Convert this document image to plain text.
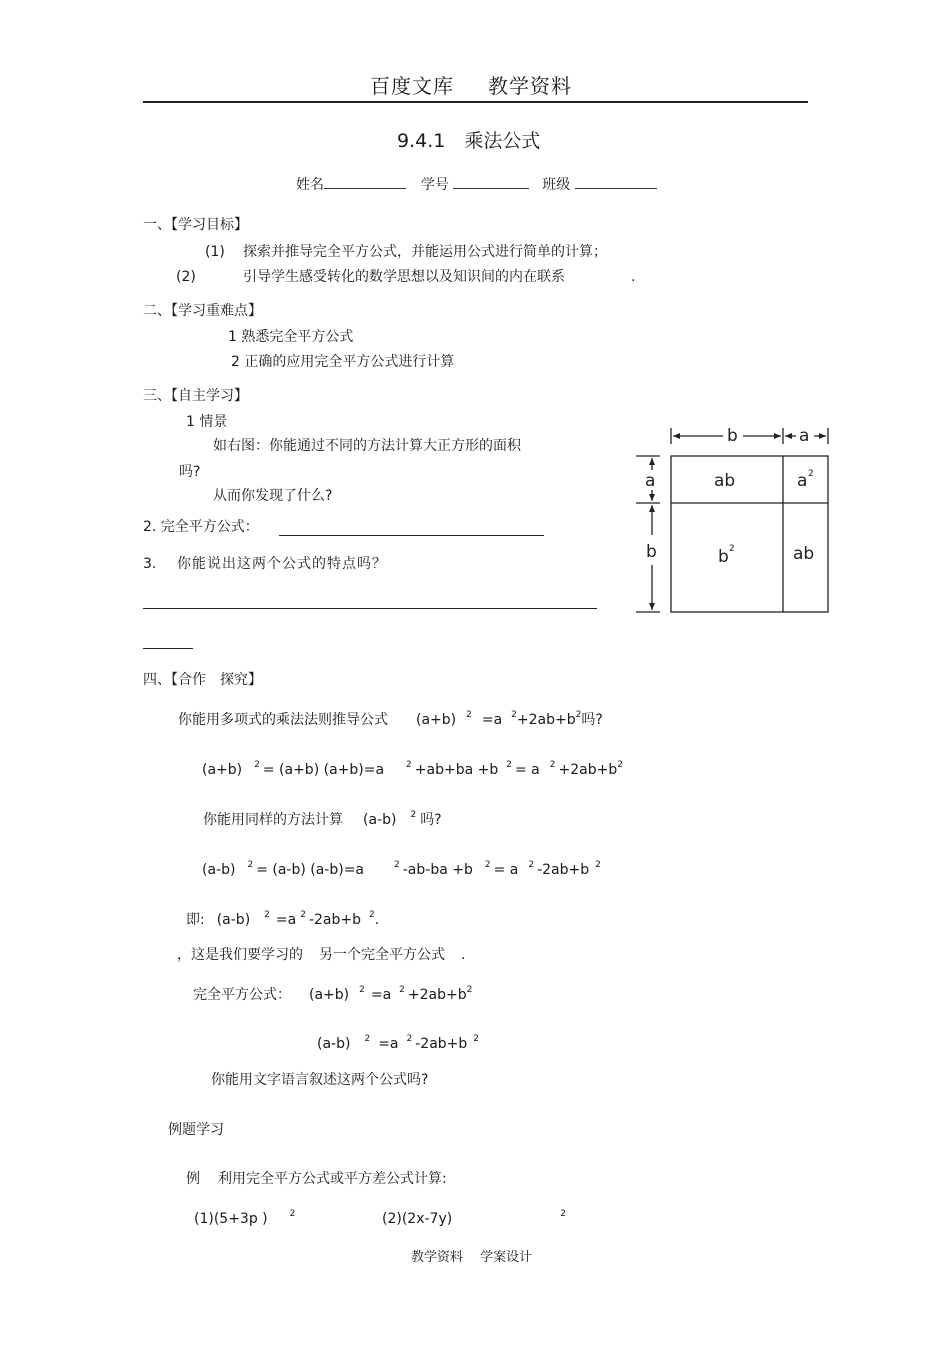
百度文库 教学资料
9.4.1　乘法公式
姓名	学号	班级
一、【学习目标】
(1) 探索并推导完全平方公式，并能运用公式进行简单的计算；
(2)	引导学生感受转化的数学思想以及知识间的内在联系	.
二、【学习重难点】
1 熟悉完全平方公式
2 正确的应用完全平方公式进行计算
三、【自主学习】
1 情景
如右图：你能通过不同的方法计算大正方形的面积
吗?
从而你发现了什么?
2. 完全平方公式：
3. 你能说出这两个公式的特点吗？
b	a
a
b
ab	a 2
b 2	ab
四、【合作　探究】
你能用多项式的乘法法则推导公式 (a+b) $^2$ =a $^2+2ab+b^2$吗?
(a+b) $^2$ = (a+b) (a+b)=a $^2$ +ab+ba +b $^2$ = a $^2 +2ab+b^2$
你能用同样的方法计算 (a-b) $^2$ 吗?
(a-b) $^2$ = (a-b) (a-b)=a	$^2$ -ab-ba +b $^2$ = a $^2$ -2ab+b $^2$
即: (a-b) $^2$ =a $^2$ -2ab+b $^2$.
，这是我们要学习的 另一个完全平方公式 .
完全平方公式： (a+b) $^2$ =a $^2 +2ab+b^2$
(a-b) $^2$ =a $^2$ -2ab+b $^2$
你能用文字语言叙述这两个公式吗?
例题学习
例 利用完全平方公式或平方差公式计算:
(1)(5+3p ) $^2$	(2)(2x-7y)	$^2$
教学资料　 学案设计
